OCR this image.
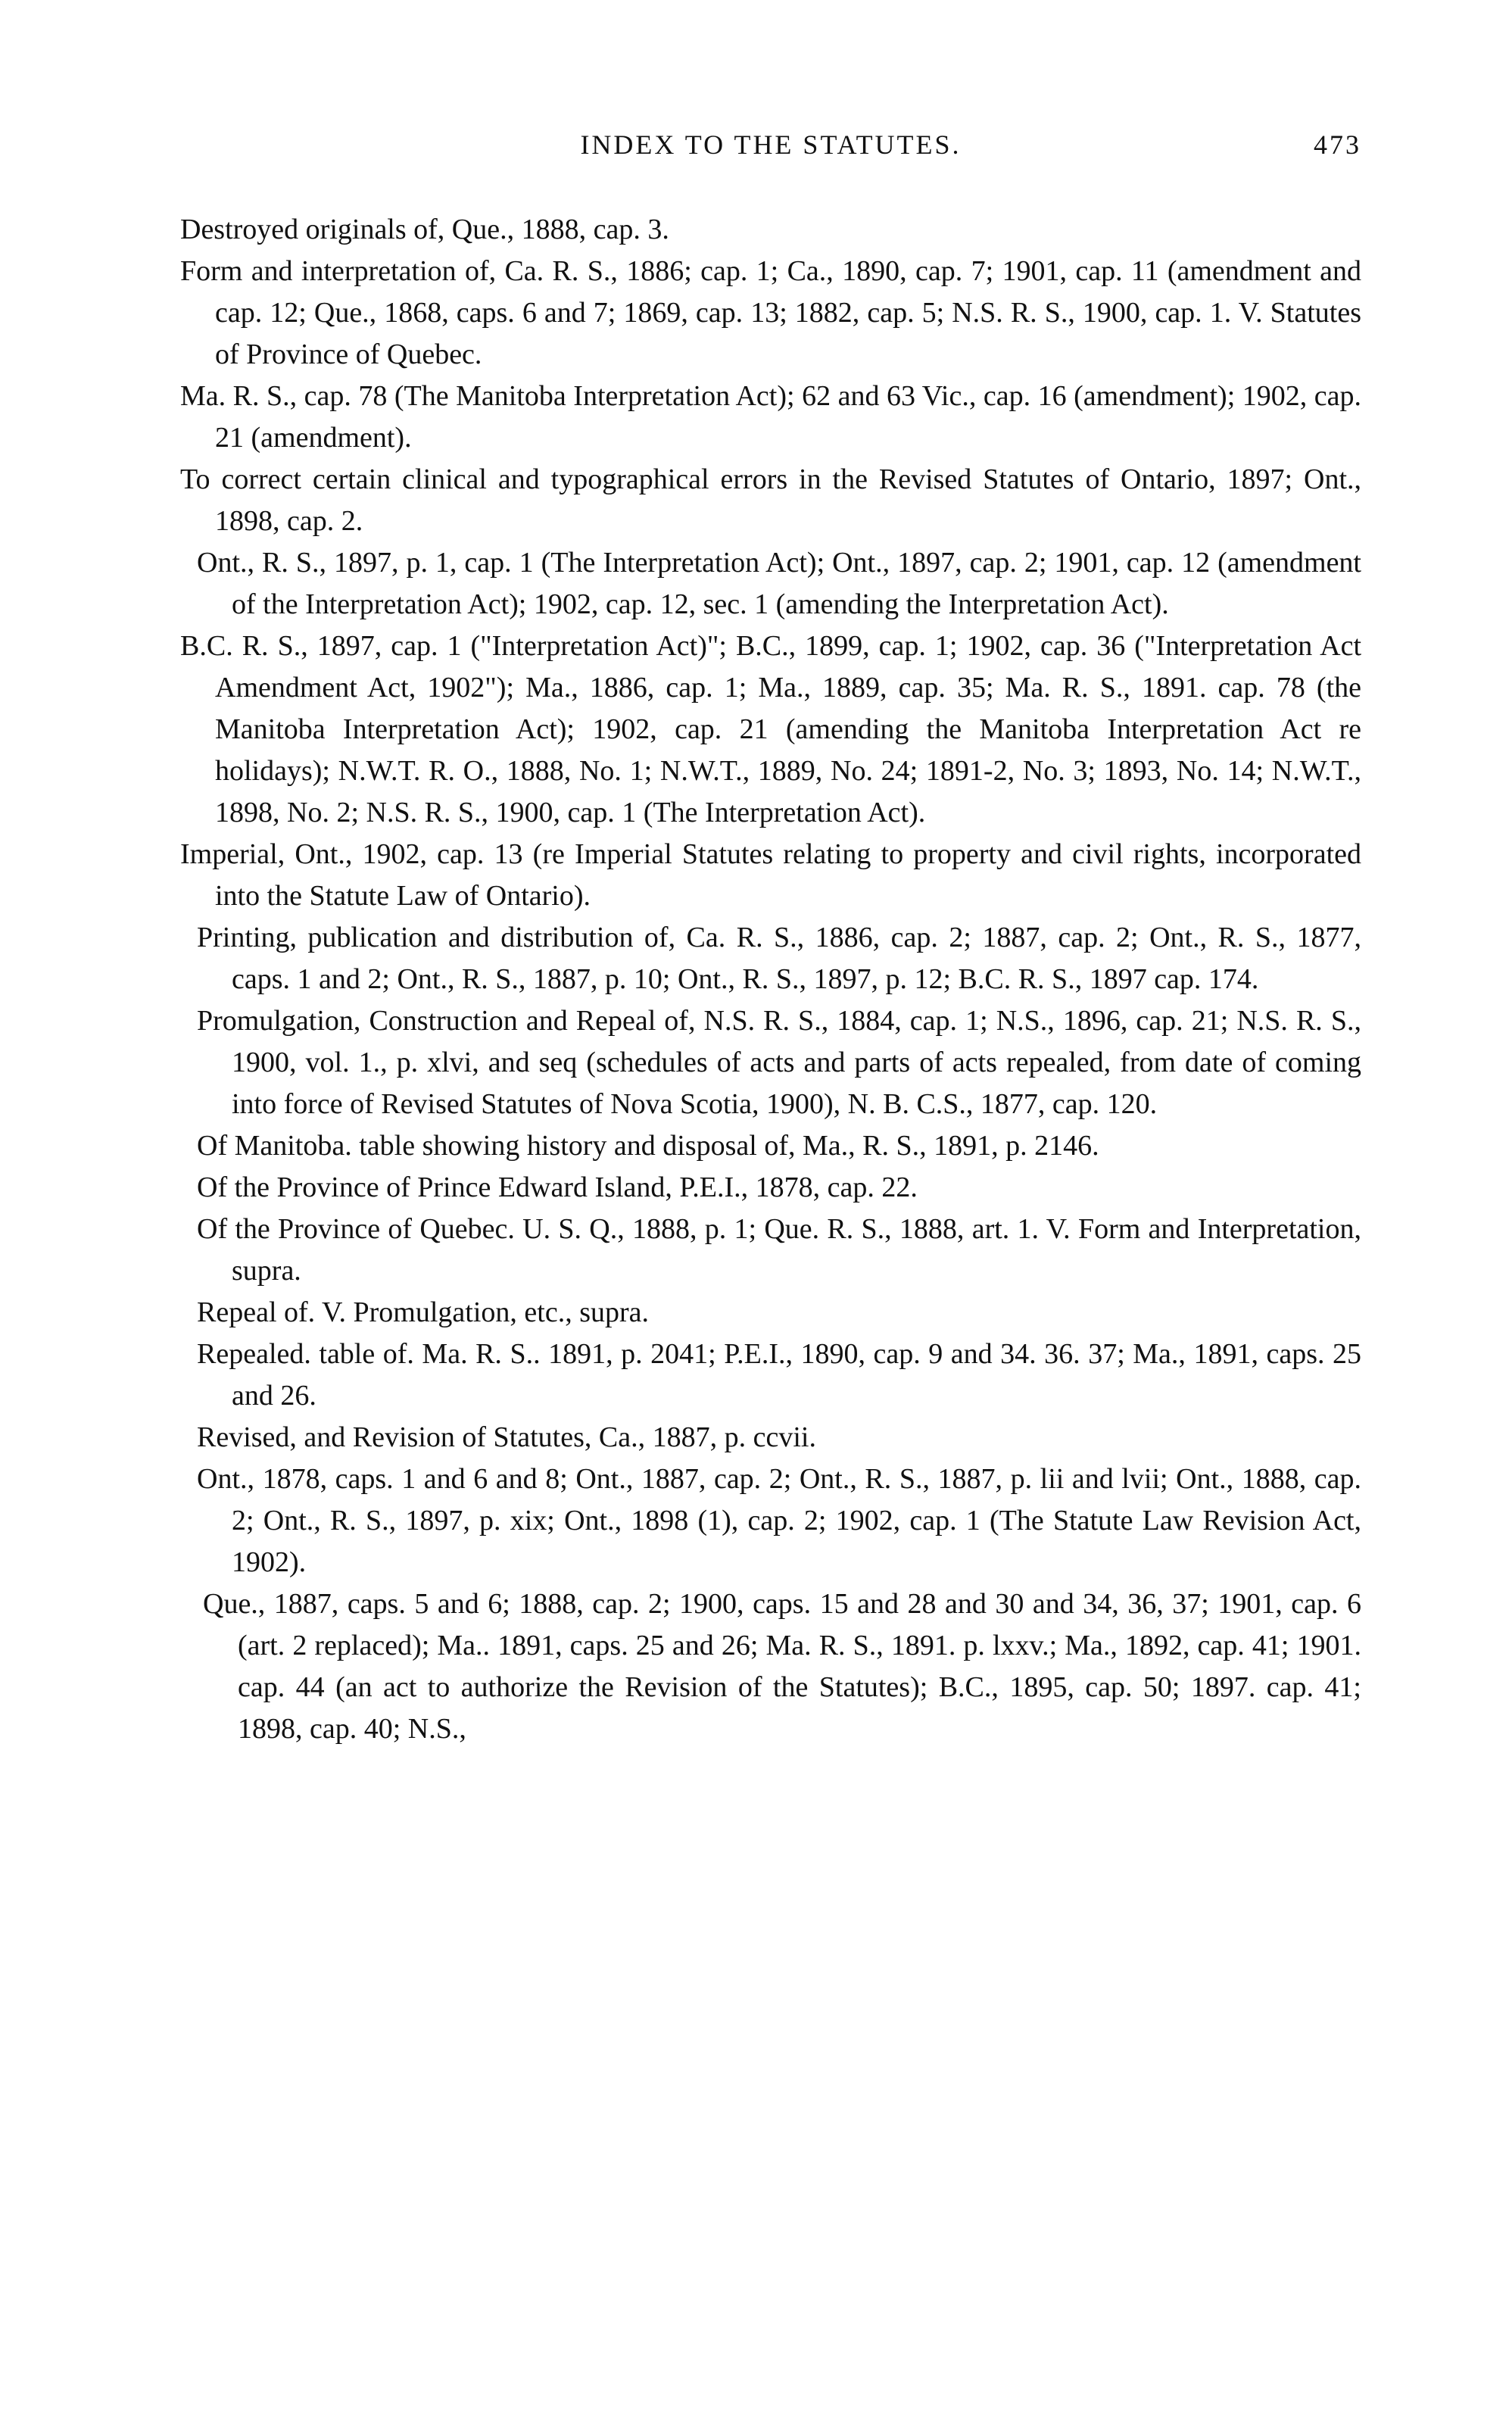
INDEX TO THE STATUTES.	473

Destroyed originals of, Que., 1888, cap. 3.

Form and interpretation of, Ca. R. S., 1886; cap. 1; Ca., 1890, cap. 7; 1901, cap. 11 (amendment and cap. 12; Que., 1868, caps. 6 and 7; 1869, cap. 13; 1882, cap. 5; N.S. R. S., 1900, cap. 1. V. Statutes of Province of Quebec.

Ma. R. S., cap. 78 (The Manitoba Interpretation Act); 62 and 63 Vic., cap. 16 (amendment); 1902, cap. 21 (amendment).

To correct certain clinical and typographical errors in the Revised Statutes of Ontario, 1897; Ont., 1898, cap. 2.

Ont., R. S., 1897, p. 1, cap. 1 (The Interpretation Act); Ont., 1897, cap. 2; 1901, cap. 12 (amendment of the Interpretation Act); 1902, cap. 12, sec. 1 (amending the Interpretation Act).

B.C. R. S., 1897, cap. 1 ("Interpretation Act)"; B.C., 1899, cap. 1; 1902, cap. 36 ("Interpretation Act Amendment Act, 1902"); Ma., 1886, cap. 1; Ma., 1889, cap. 35; Ma. R. S., 1891. cap. 78 (the Manitoba Interpretation Act); 1902, cap. 21 (amending the Manitoba Interpretation Act re holidays); N.W.T. R. O., 1888, No. 1; N.W.T., 1889, No. 24; 1891-2, No. 3; 1893, No. 14; N.W.T., 1898, No. 2; N.S. R. S., 1900, cap. 1 (The Interpretation Act).

Imperial, Ont., 1902, cap. 13 (re Imperial Statutes relating to property and civil rights, incorporated into the Statute Law of Ontario).

Printing, publication and distribution of, Ca. R. S., 1886, cap. 2; 1887, cap. 2; Ont., R. S., 1877, caps. 1 and 2; Ont., R. S., 1887, p. 10; Ont., R. S., 1897, p. 12; B.C. R. S., 1897 cap. 174.

Promulgation, Construction and Repeal of, N.S. R. S., 1884, cap. 1; N.S., 1896, cap. 21; N.S. R. S., 1900, vol. 1., p. xlvi, and seq (schedules of acts and parts of acts repealed, from date of coming into force of Revised Statutes of Nova Scotia, 1900), N. B. C.S., 1877, cap. 120.

Of Manitoba. table showing history and disposal of, Ma., R. S., 1891, p. 2146.

Of the Province of Prince Edward Island, P.E.I., 1878, cap. 22.

Of the Province of Quebec. U. S. Q., 1888, p. 1; Que. R. S., 1888, art. 1. V. Form and Interpretation, supra.

Repeal of. V. Promulgation, etc., supra.

Repealed. table of. Ma. R. S.. 1891, p. 2041; P.E.I., 1890, cap. 9 and 34. 36. 37; Ma., 1891, caps. 25 and 26.

Revised, and Revision of Statutes, Ca., 1887, p. ccvii.

Ont., 1878, caps. 1 and 6 and 8; Ont., 1887, cap. 2; Ont., R. S., 1887, p. lii and lvii; Ont., 1888, cap. 2; Ont., R. S., 1897, p. xix; Ont., 1898 (1), cap. 2; 1902, cap. 1 (The Statute Law Revision Act, 1902).

Que., 1887, caps. 5 and 6; 1888, cap. 2; 1900, caps. 15 and 28 and 30 and 34, 36, 37; 1901, cap. 6 (art. 2 replaced); Ma.. 1891, caps. 25 and 26; Ma. R. S., 1891. p. lxxv.; Ma., 1892, cap. 41; 1901. cap. 44 (an act to authorize the Revision of the Statutes); B.C., 1895, cap. 50; 1897. cap. 41; 1898, cap. 40; N.S.,
